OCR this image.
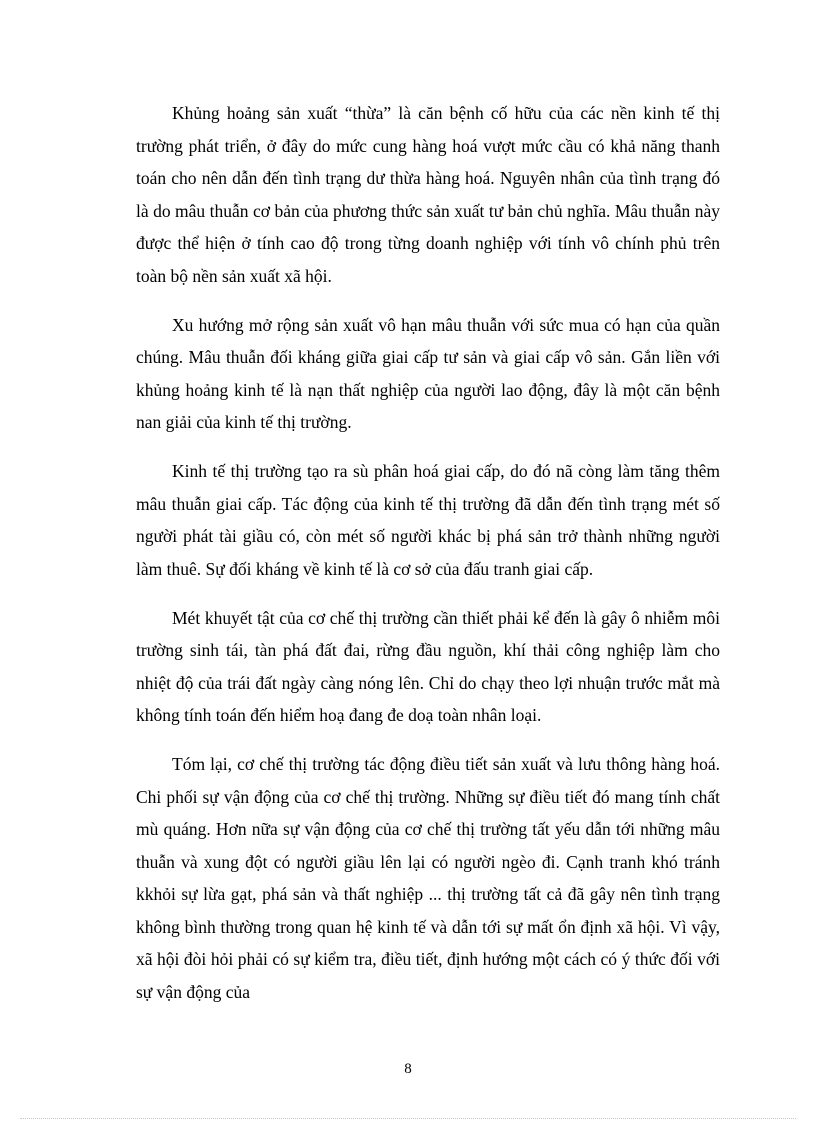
Khủng hoảng sản xuất “thừa” là căn bệnh cố hữu của các nền kinh tế thị trường phát triển, ở đây do mức cung hàng hoá vượt mức cầu có khả năng thanh toán cho nên dẫn đến tình trạng dư thừa hàng hoá. Nguyên nhân của tình trạng đó là do mâu thuẫn cơ bản của phương thức sản xuất tư bản chủ nghĩa. Mâu thuẫn này được thể hiện ở tính cao độ trong từng doanh nghiệp với tính vô chính phủ trên toàn bộ nền sản xuất xã hội.

Xu hướng mở rộng sản xuất vô hạn mâu thuẫn với sức mua có hạn của quần chúng. Mâu thuẫn đối kháng giữa giai cấp tư sản và giai cấp vô sản. Gắn liền với khủng hoảng kinh tế là nạn thất nghiệp của người lao động, đây là một căn bệnh nan giải của kinh tế thị trường.

Kinh tế thị trường tạo ra sù phân hoá giai cấp, do đó nã còng làm tăng thêm mâu thuẫn giai cấp. Tác động của kinh tế thị trường đã dẫn đến tình trạng mét số người phát tài giầu có, còn mét số người khác bị phá sản trở thành những người làm thuê. Sự đối kháng về kinh tế là cơ sở của đấu tranh giai cấp.

Mét khuyết tật của cơ chế thị trường cần thiết phải kể đến là gây ô nhiễm môi trường sinh tái, tàn phá đất đai, rừng đầu nguồn, khí thải công nghiệp làm cho nhiệt độ của trái đất ngày càng nóng lên. Chỉ do chạy theo lợi nhuận trước mắt mà không tính toán đến hiểm hoạ đang đe doạ toàn nhân loại.

Tóm lại, cơ chế thị trường tác động điều tiết sản xuất và lưu thông hàng hoá. Chi phối sự vận động của cơ chế thị trường. Những sự điều tiết đó mang tính chất mù quáng. Hơn nữa sự vận động của cơ chế thị trường tất yếu dẫn tới những mâu thuẫn và xung đột có người giầu lên lại có người ngèo đi. Cạnh tranh khó tránh kkhỏi sự lừa gạt, phá sản và thất nghiệp ... thị trường tất cả đã gây nên tình trạng không bình thường trong quan hệ kinh tế và dẫn tới sự mất ổn định xã hội. Vì vậy, xã hội đòi hỏi phải có sự kiểm tra, điều tiết, định hướng một cách có ý thức đối với sự vận động của

8
